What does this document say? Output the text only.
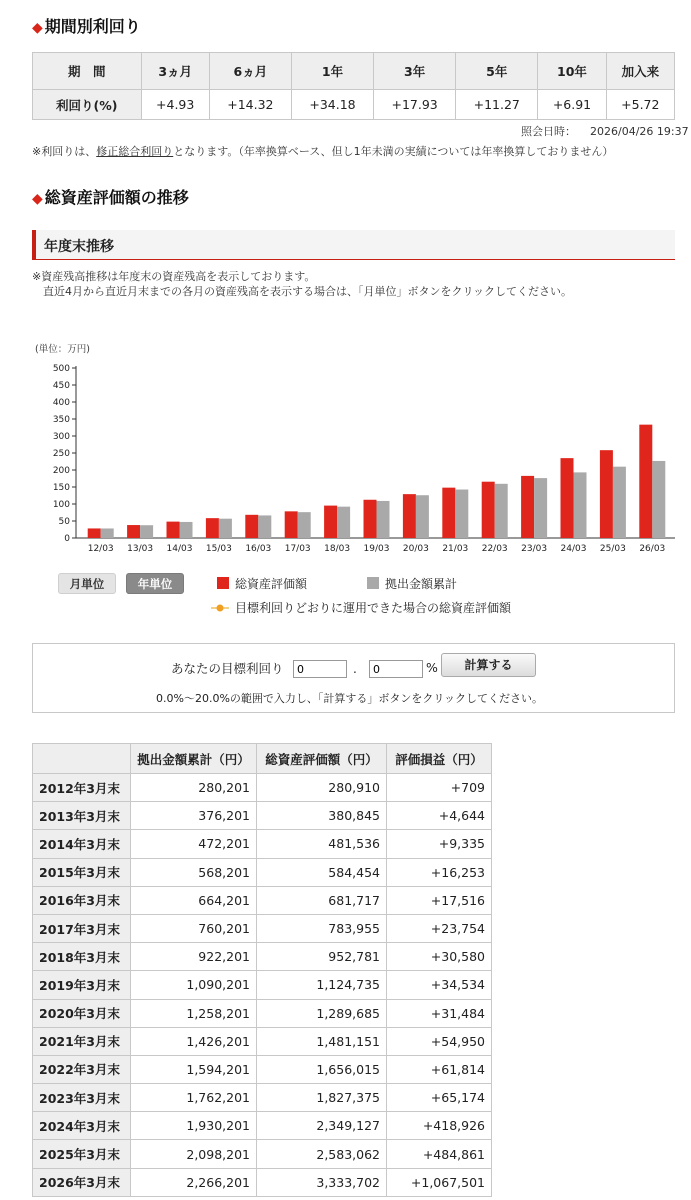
◆ 期間別利回り
期　間	3ヵ月	6ヵ月	1年	3年	5年	10年	加入来
利回り(%)	+4.93	+14.32	+34.18	+17.93	+11.27	+6.91	+5.72
照会日時： 2026/04/26 19:37
※利回りは、修正総合利回りとなります。（年率換算ベース、但し1年未満の実績については年率換算しておりません）
◆ 総資産評価額の推移
年度末推移
※資産残高推移は年度末の資産残高を表示しております。
直近4月から直近月末までの各月の資産残高を表示する場合は、「月単位」ボタンをクリックしてください。
(単位：万円)
0
50
100
150
200
250
300
350
400
450
500
12/03 13/03 14/03 15/03 16/03 17/03 18/03 19/03 20/03 21/03 22/03 23/03 24/03 25/03 26/03
月単位	年単位	総資産評価額	拠出金額累計
目標利回りどおりに運用できた場合の総資産評価額
あなたの目標利回り
0	.
0	%	計算する
0.0%～20.0%の範囲で入力し、「計算する」ボタンをクリックしてください。
	拠出金額累計（円）	総資産評価額（円）	評価損益（円）
2012年3月末	280,201	280,910	+709
2013年3月末	376,201	380,845	+4,644
2014年3月末	472,201	481,536	+9,335
2015年3月末	568,201	584,454	+16,253
2016年3月末	664,201	681,717	+17,516
2017年3月末	760,201	783,955	+23,754
2018年3月末	922,201	952,781	+30,580
2019年3月末	1,090,201	1,124,735	+34,534
2020年3月末	1,258,201	1,289,685	+31,484
2021年3月末	1,426,201	1,481,151	+54,950
2022年3月末	1,594,201	1,656,015	+61,814
2023年3月末	1,762,201	1,827,375	+65,174
2024年3月末	1,930,201	2,349,127	+418,926
2025年3月末	2,098,201	2,583,062	+484,861
2026年3月末	2,266,201	3,333,702	+1,067,501
